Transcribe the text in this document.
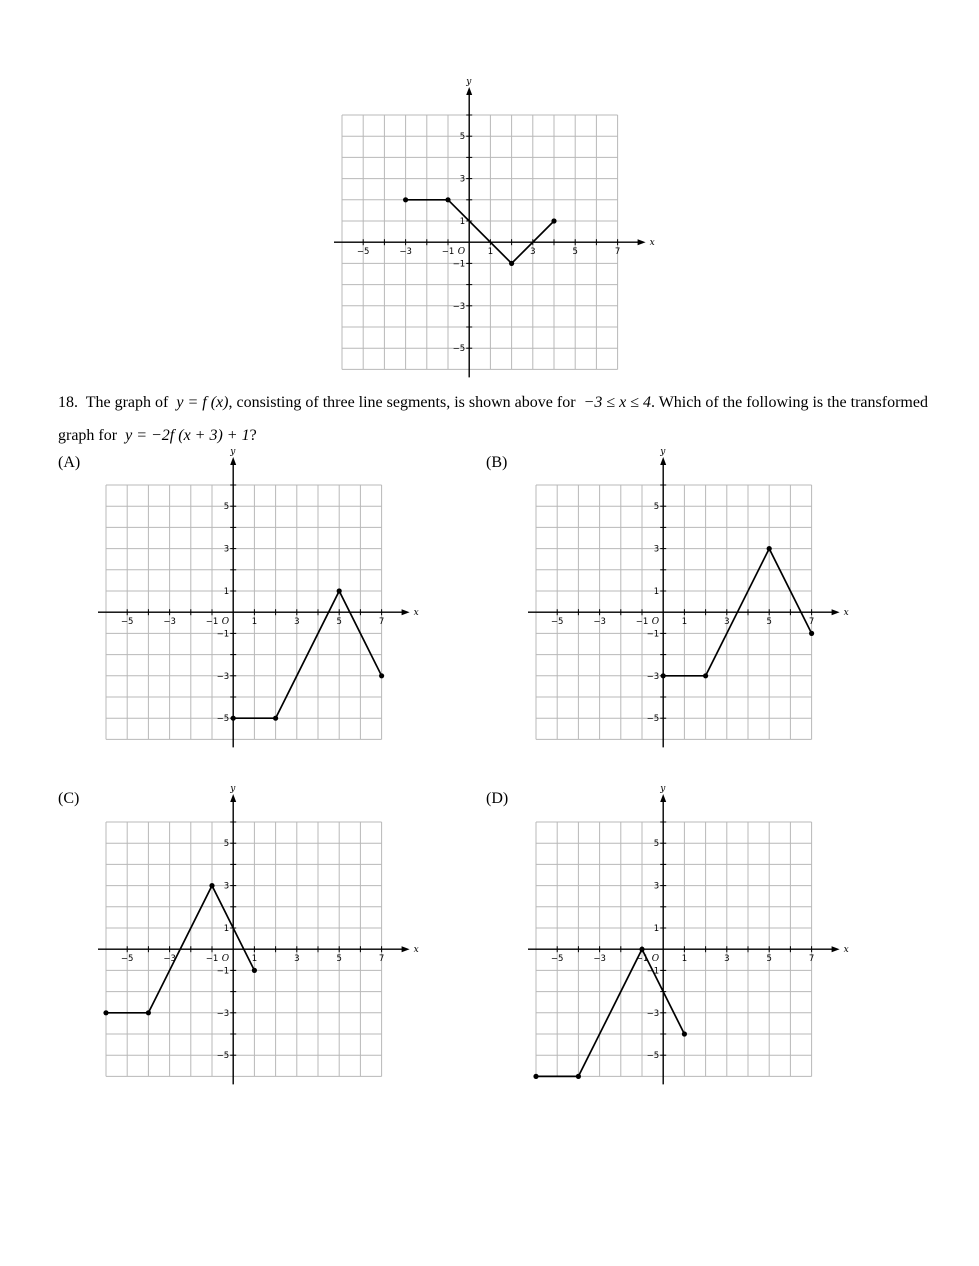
x
y
−5	−3	−1	1	3	5	7
−5
−3
−1
1
3
5
O
18. The graph of y = f (x), consisting of three line segments, is shown above for −3 ≤ x ≤ 4. Which of the following is the transformed graph for y = −2f (x + 3) + 1?
(A)	(B)
(C)	(D)
x
y
−5	−3	−1	1	3	5	7
−5
−3
−1
1
3
5
O
x
y
−5	−3	−1	1	3	5	7
−5
−3
−1
1
3
5
O
x
y
−5	−3	−1	1	3	5	7
−5
−3
−1
1
3
5
O
x
y
−5	−3	−1	1	3	5	7
−5
−3
−1
1
3
5
O
